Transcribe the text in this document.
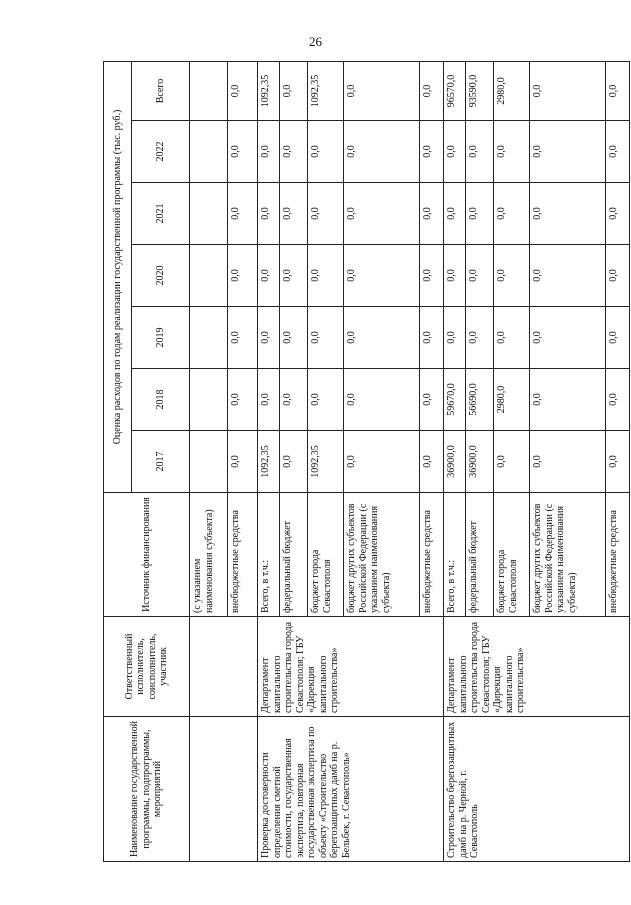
26
Наименование государственной программы, подпрограммы, мероприятий	Ответственный исполнитель, соисполнитель, участник	Источник финансирования	Оценка расходов по годам реализации государственной программы (тыс. руб.)						
			2017	2018	2019	2020	2021	2022	Всего
		(с указанием наименования субъекта)							
		внебюджетные средства	0,0	0,0	0,0	0,0	0,0	0,0	0,0
Проверка достоверности определения сметной стоимости, государственная экспертиза, повторная государственная экспертиза по объекту «Строительство берегозащитных дамб на р. Бельбек, г. Севастополь»	Департамент капитального строительства города Севастополя; ГБУ «Дирекция капитального строительства»	Всего, в т.ч.:	1092,35	0,0	0,0	0,0	0,0	0,0	1092,35
		федеральный бюджет	0,0	0,0	0,0	0,0	0,0	0,0	0,0
		бюджет города Севастополя	1092,35	0,0	0,0	0,0	0,0	0,0	1092,35
		бюджет других субъектов Российской Федерации (с указанием наименования субъекта)	0,0	0,0	0,0	0,0	0,0	0,0	0,0
		внебюджетные средства	0,0	0,0	0,0	0,0	0,0	0,0	0,0
Строительство берегозащитных дамб на р. Черной, г. Севастополь	Департамент капитального строительства города Севастополя; ГБУ «Дирекция капитального строительства»	Всего, в т.ч.:	36900,0	59670,0	0,0	0,0	0,0	0,0	96570,0
		федеральный бюджет	36900,0	56690,0	0,0	0,0	0,0	0,0	93590,0
		бюджет города Севастополя	0,0	2980,0	0,0	0,0	0,0	0,0	2980,0
		бюджет других субъектов Российской Федерации (с указанием наименования субъекта)	0,0	0,0	0,0	0,0	0,0	0,0	0,0
		внебюджетные средства	0,0	0,0	0,0	0,0	0,0	0,0	0,0
